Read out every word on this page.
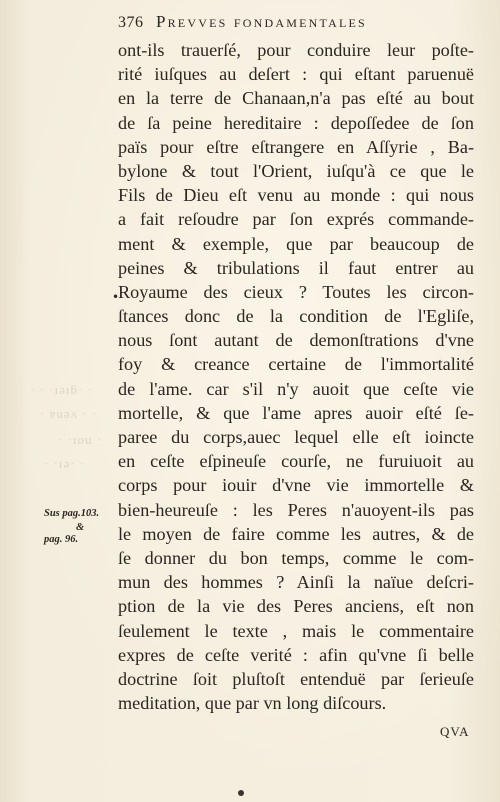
376 Prevves fondamentales
· · ·ıǝıƃ· ·
· ɐuǝʌ · ·
· ·ıou ·
· ·ıǝ· ·
•
ont-ils trauerſé, pour conduire leur poſte-
rité iuſques au deſert : qui eſtant paruenuë
en la terre de Chanaan,n'a pas eſté au bout
de ſa peine hereditaire : depoſſedee de ſon
païs pour eſtre eſtrangere en Aſſyrie , Ba-
bylone & tout l'Orient, iuſqu'à ce que le
Fils de Dieu eſt venu au monde : qui nous
a fait reſoudre par ſon exprés commande-
ment & exemple, que par beaucoup de
peines & tribulations il faut entrer au
Royaume des cieux ? Toutes les circon-
ſtances donc de la condition de l'Egliſe,
nous ſont autant de demonſtrations d'vne
foy & creance certaine de l'immortalité
de l'ame. car s'il n'y auoit que ceſte vie
mortelle, & que l'ame apres auoir eſté ſe-
paree du corps,auec lequel elle eſt ioincte
en ceſte eſpineuſe courſe, ne furuiuoit au
corps pour iouir d'vne vie immortelle &
bien-heureuſe : les Peres n'auoyent-ils pas
le moyen de faire comme les autres, & de
ſe donner du bon temps, comme le com-
mun des hommes ? Ainſi la naïue deſcri-
ption de la vie des Peres anciens, eſt non
ſeulement le texte , mais le commentaire
expres de ceſte verité : afin qu'vne ſi belle
doctrine ſoit pluſtoſt entenduë par ſerieuſe
meditation, que par vn long diſcours.
Sus pag.103.
&
pag. 96.
QVA
